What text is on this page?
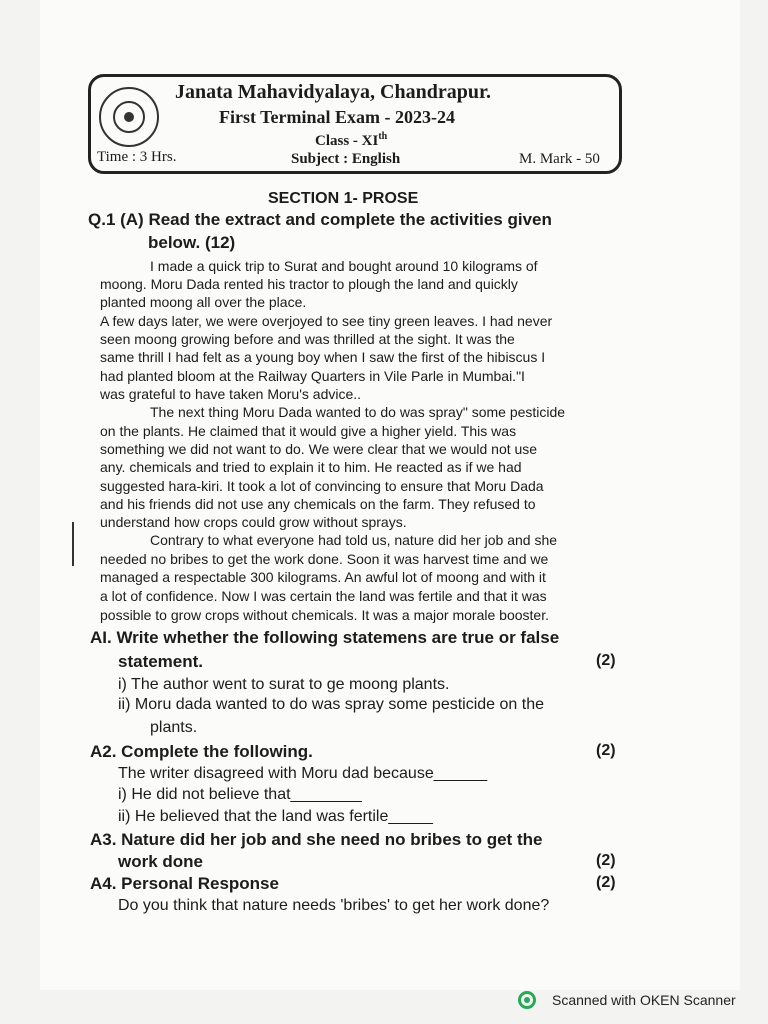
Janata Mahavidyalaya, Chandrapur.
First Terminal Exam - 2023-24
Class - XIth
Time : 3 Hrs.	Subject : English	M. Mark - 50
SECTION 1- PROSE
Q.1 (A) Read the extract and complete the activities given
below. (12)
I made a quick trip to Surat and bought around 10 kilograms of
moong. Moru Dada rented his tractor to plough the land and quickly
planted moong all over the place.
A few days later, we were overjoyed to see tiny green leaves. I had never
seen moong growing before and was thrilled at the sight. It was the
same thrill I had felt as a young boy when I saw the first of the hibiscus I
had planted bloom at the Railway Quarters in Vile Parle in Mumbai."I
was grateful to have taken Moru's advice..
The next thing Moru Dada wanted to do was spray" some pesticide
on the plants. He claimed that it would give a higher yield. This was
something we did not want to do. We were clear that we would not use
any. chemicals and tried to explain it to him. He reacted as if we had
suggested hara-kiri. It took a lot of convincing to ensure that Moru Dada
and his friends did not use any chemicals on the farm. They refused to
understand how crops could grow without sprays.
Contrary to what everyone had told us, nature did her job and she
needed no bribes to get the work done. Soon it was harvest time and we
managed a respectable 300 kilograms. An awful lot of moong and with it
a lot of confidence. Now I was certain the land was fertile and that it was
possible to grow crops without chemicals. It was a major morale booster.
AI. Write whether the following statemens are true or false
statement.	(2)
i) The author went to surat to ge moong plants.
ii) Moru dada wanted to do was spray some pesticide on the
plants.
A2. Complete the following.	(2)
The writer disagreed with Moru dad because______
i) He did not believe that________
ii) He believed that the land was fertile_____
A3. Nature did her job and she need no bribes to get the
work done	(2)
A4. Personal Response	(2)
Do you think that nature needs 'bribes' to get her work done?
Scanned with OKEN Scanner
